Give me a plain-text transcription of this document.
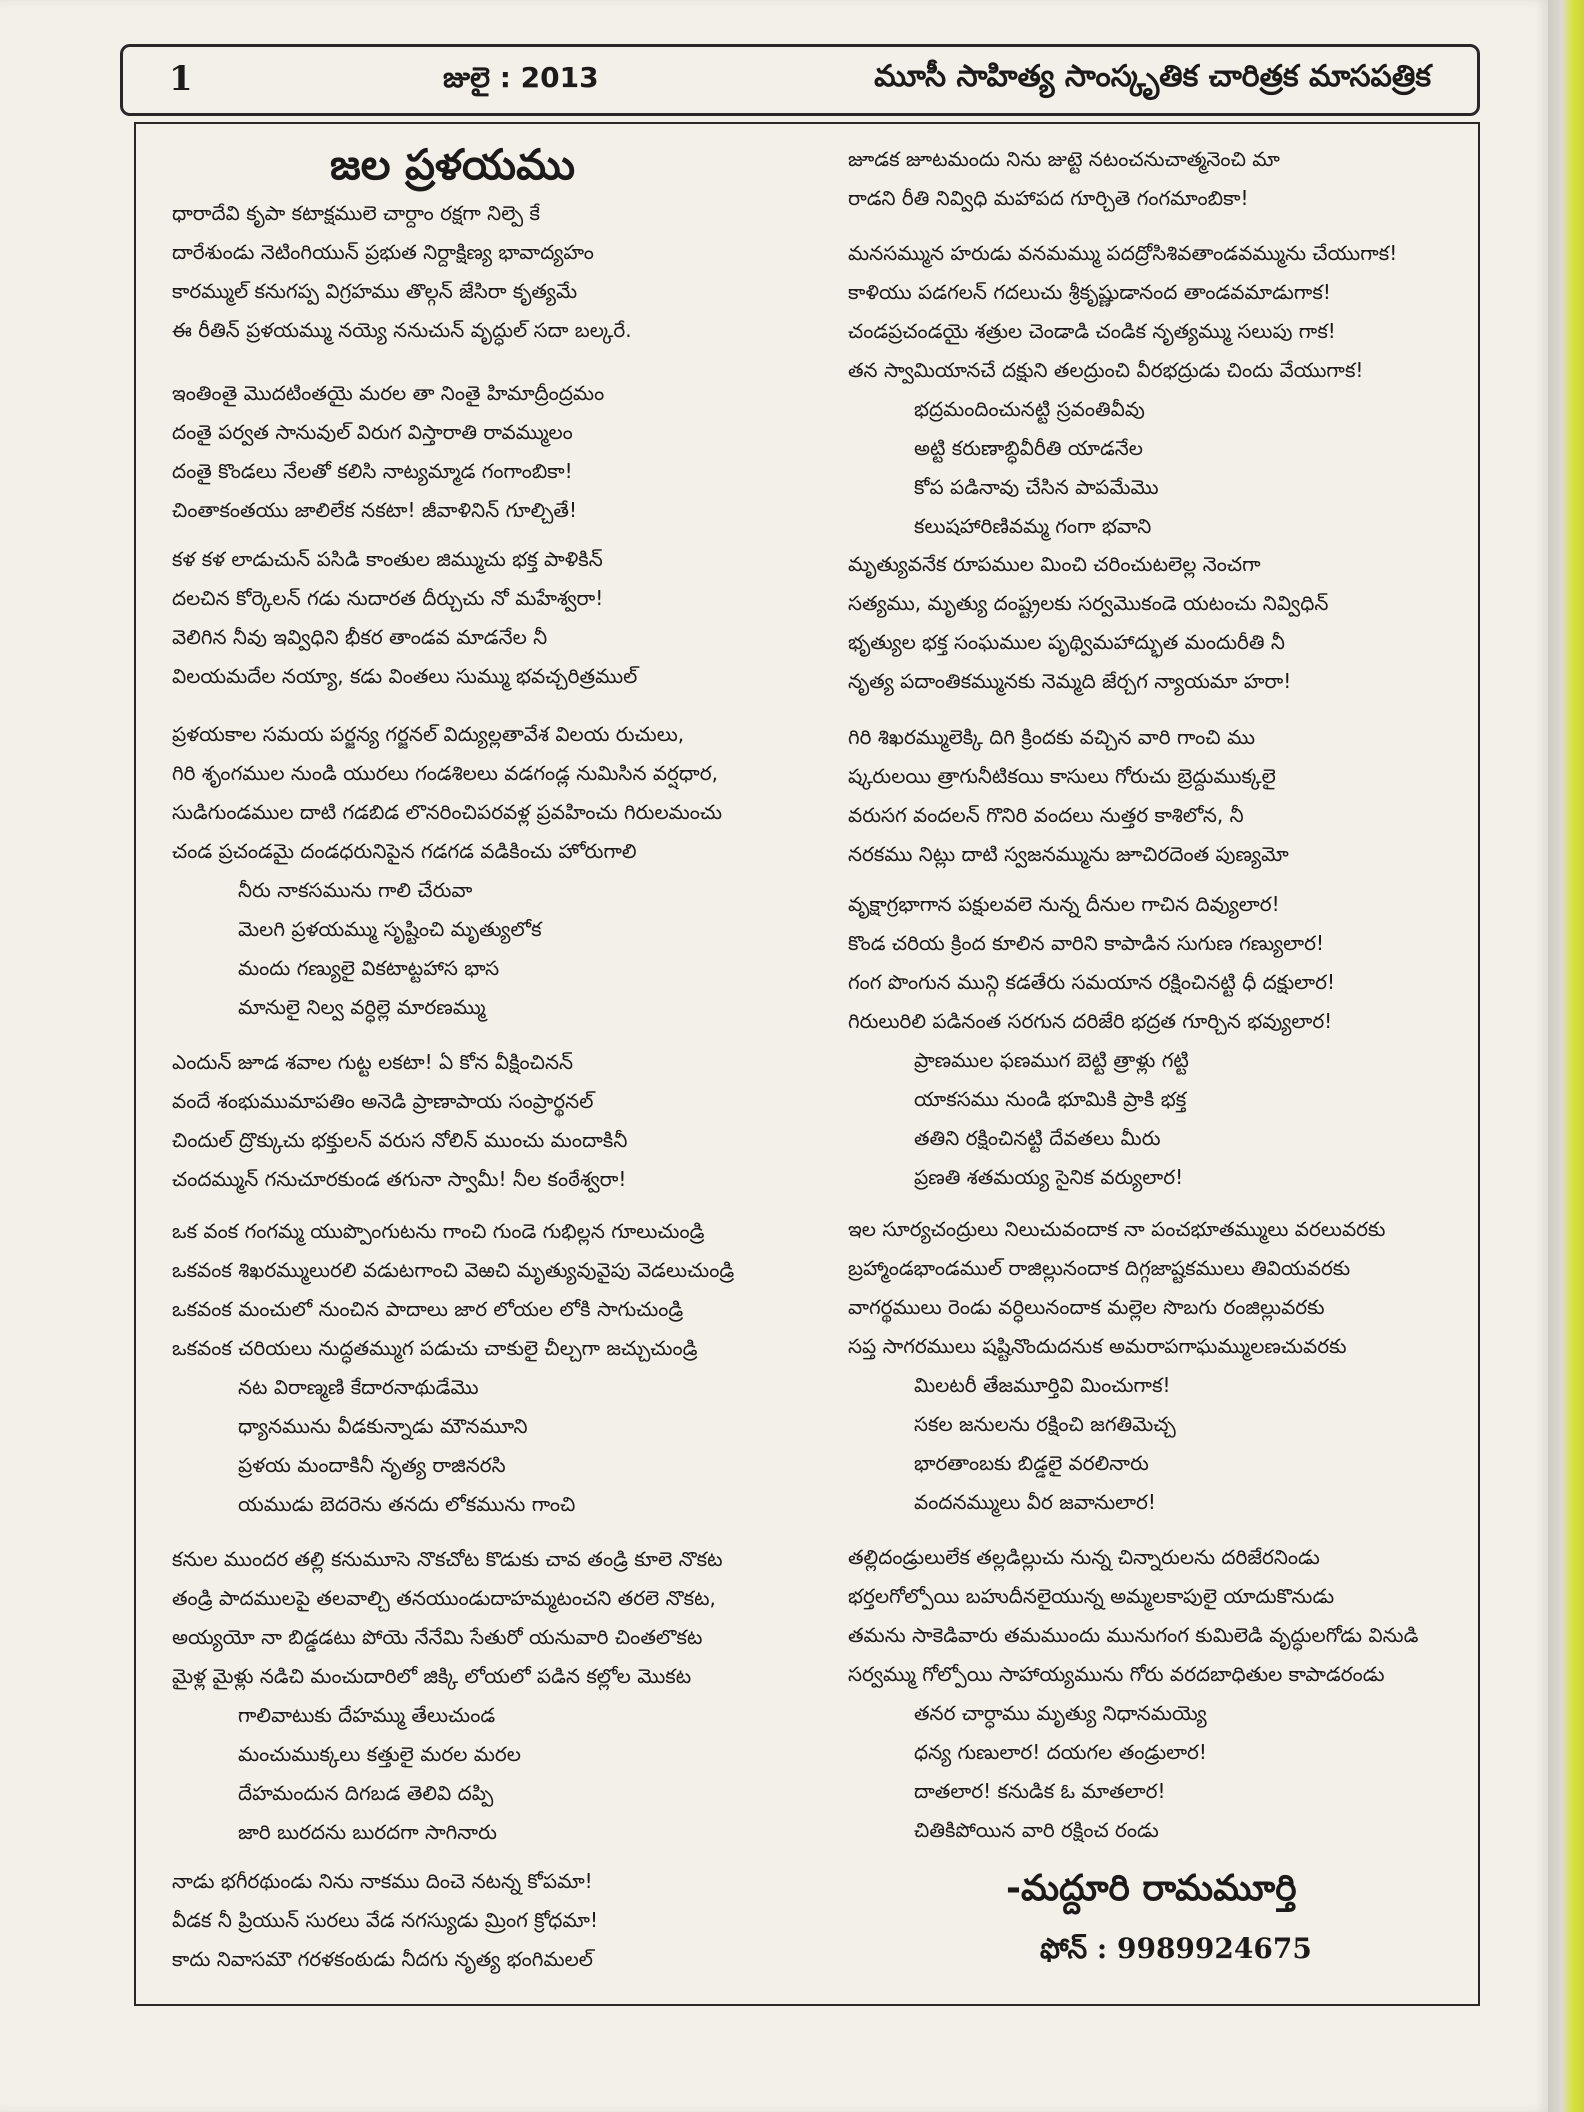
1	జులై : 2013	మూసీ సాహిత్య సాంస్కృతిక చారిత్రక మాసపత్రిక
జల ప్రళయము
ధారాదేవి కృపా కటాక్షములె చార్దాం రక్షగా నిల్పె కే
దారేశుండు నెటింగియున్ ప్రభుత నిర్దాక్షిణ్య భావాద్యహం
కారమ్ముల్ కనుగప్ప విగ్రహము తొల్గన్ జేసిరా కృత్యమే
ఈ రీతిన్ ప్రళయమ్ము నయ్యె ననుచున్ వృద్ధుల్ సదా బల్కరే.
ఇంతింతై మొదటింతయై మరల తా నింతై హిమాద్రీంద్రమం
దంతై పర్వత సానువుల్ విరుగ విస్తారాతి రావమ్ములం
దంతై కొండలు నేలతో కలిసి నాట్యమ్మాడ గంగాంబికా!
చింతాకంతయు జాలిలేక నకటా! జీవాళినిన్ గూల్చితే!
కళ కళ లాడుచున్ పసిడి కాంతుల జిమ్ముచు భక్త పాళికిన్
దలచిన కోర్కెలన్ గడు నుదారత దీర్చుచు నో మహేశ్వరా!
వెలిగిన నీవు ఇవ్విధిని భీకర తాండవ మాడనేల నీ
విలయమదేల నయ్యా, కడు వింతలు సుమ్ము భవచ్చరిత్రముల్
ప్రళయకాల సమయ పర్జన్య గర్జనల్ విద్యుల్లతావేశ విలయ రుచులు,
గిరి శృంగముల నుండి యురలు గండశిలలు వడగండ్ల నుమిసిన వర్షధార,
సుడిగుండముల దాటి గడబిడ లొనరించిపరవళ్ల ప్రవహించు గిరులమంచు
చండ ప్రచండమై దండధరునిపైన గడగడ వడికించు హోరుగాలి
నీరు నాకసమును గాలి చేరువా
మెలగి ప్రళయమ్ము సృష్టించి మృత్యులోక
మందు గణ్యులై వికటాట్టహాస భాస
మానులై నిల్వ వర్ధిల్లె మారణమ్ము
ఎందున్ జూడ శవాల గుట్ట లకటా! ఏ కోన వీక్షించినన్
వందే శంభుముమాపతిం అనెడి ప్రాణాపాయ సంప్రార్థనల్
చిందుల్ ద్రొక్కుచు భక్తులన్ వరుస నోలిన్ ముంచు మందాకినీ
చందమ్మున్ గనుచూరకుండ తగునా స్వామీ! నీల కంఠేశ్వరా!
ఒక వంక గంగమ్మ యుప్పొంగుటను గాంచి గుండె గుభిల్లన గూలుచుండ్రి
ఒకవంక శిఖరమ్ములురలి వడుటగాంచి వెఱచి మృత్యువువైపు వెడలుచుండ్రి
ఒకవంక మంచులో నుంచిన పాదాలు జార లోయల లోకి సాగుచుండ్రి
ఒకవంక చరియలు నుద్ధతమ్ముగ పడుచు చాకులై చీల్చగా జచ్చుచుండ్రి
నట విరాణ్మణి కేదారనాథుడేమొ
ధ్యానమును వీడకున్నాడు మౌనమూని
ప్రళయ మందాకినీ నృత్య రాజినరసి
యముడు బెదరెను తనదు లోకమును గాంచి
కనుల ముందర తల్లి కనుమూసె నొకచోట కొడుకు చావ తండ్రి కూలె నొకట
తండ్రి పాదములపై తలవాల్చి తనయుండుదాహమ్మటంచని తరలె నొకట,
అయ్యయో నా బిడ్డడటు పోయె నేనేమి సేతురో యనువారి చింతలొకట
మైళ్ల మైళ్లు నడిచి మంచుదారిలో జిక్కి లోయలో పడిన కల్లోల మొకట
గాలివాటుకు దేహమ్ము తేలుచుండ
మంచుముక్కలు కత్తులై మరల మరల
దేహమందున దిగబడ తెలివి దప్పి
జారి బురదను బురదగా సాగినారు
నాడు భగీరథుండు నిను నాకము దించె నటన్న కోపమా!
వీడక నీ ప్రియున్ సురలు వేడ నగస్యుడు మ్రింగ క్రోధమా!
కాదు నివాసమౌ గరళకంఠుడు నీదగు నృత్య భంగిమలల్
జూడక జూటమందు నిను జుట్టె నటంచనుచాత్మనెంచి మా
రాడని రీతి నివ్విధి మహాపద గూర్చితె గంగమాంబికా!
మనసమ్మున హరుడు వనమమ్ము పదద్రోసిశివతాండవమ్మును చేయుగాక!
కాళియు పడగలన్ గదలుచు శ్రీకృష్ణుడానంద తాండవమాడుగాక!
చండప్రచండయై శత్రుల చెండాడి చండిక నృత్యమ్ము సలుపు గాక!
తన స్వామియానచే దక్షుని తలద్రుంచి వీరభద్రుడు చిందు వేయుగాక!
భద్రమందించునట్టి స్రవంతివీవు
అట్టి కరుణాబ్ధివీరీతి యాడనేల
కోప పడినావు చేసిన పాపమేమొ
కలుషహారిణివమ్మ గంగా భవాని
మృత్యువనేక రూపముల మించి చరించుటలెల్ల నెంచగా
సత్యము, మృత్యు దంష్ట్రలకు సర్వమొకండె యటంచు నివ్విధిన్
భృత్యుల భక్త సంఘముల పృథ్విమహాద్భుత మందురీతి నీ
నృత్య పదాంతికమ్మునకు నెమ్మది జేర్చగ న్యాయమా హరా!
గిరి శిఖరమ్ములెక్కి దిగి క్రిందకు వచ్చిన వారి గాంచి ము
ష్కరులయి త్రాగునీటికయి కాసులు గోరుచు బ్రెద్దుముక్కలై
వరుసగ వందలన్ గొనిరి వందలు నుత్తర కాశిలోన, నీ
నరకము నిట్లు దాటి స్వజనమ్మును జూచిరదెంత పుణ్యమో
వృక్షాగ్రభాగాన పక్షులవలె నున్న దీనుల గాచిన దివ్యులార!
కొండ చరియ క్రింద కూలిన వారిని కాపాడిన సుగుణ గణ్యులార!
గంగ పొంగున మున్గి కడతేరు సమయాన రక్షించినట్టి ధీ దక్షులార!
గిరులురిలి పడినంత సరగున దరిజేరి భద్రత గూర్చిన భవ్యులార!
ప్రాణముల ఫణముగ బెట్టి త్రాళ్లు గట్టి
యాకసము నుండి భూమికి ప్రాకి భక్త
తతిని రక్షించినట్టి దేవతలు మీరు
ప్రణతి శతమయ్య సైనిక వర్యులార!
ఇల సూర్యచంద్రులు నిలుచువందాక నా పంచభూతమ్ములు వరలువరకు
బ్రహ్మాండభాండముల్ రాజిల్లునందాక దిగ్గజాష్టకములు తివియవరకు
వాగర్థములు రెండు వర్ధిలునందాక మల్లెల సొబగు రంజిల్లువరకు
సప్త సాగరములు షష్టినొందుదనుక అమరాపగాఘమ్ములణచువరకు
మిలటరీ తేజమూర్తివి మించుగాక!
సకల జనులను రక్షించి జగతిమెచ్చ
భారతాంబకు బిడ్డలై వరలినారు
వందనమ్ములు వీర జవానులార!
తల్లిదండ్రులులేక తల్లడిల్లుచు నున్న చిన్నారులను దరిజేరనిండు
భర్తలగోల్పోయి బహుదీనలైయున్న అమ్మలకాపులై యాదుకొనుడు
తమను సాకెడివారు తమముందు మునుగంగ కుమిలెడి వృద్ధులగోడు వినుడి
సర్వమ్ము గోల్పోయి సాహాయ్యమును గోరు వరదబాధితుల కాపాడరండు
తనర చార్ధాము మృత్యు నిధానమయ్యె
ధన్య గుణులార! దయగల తండ్రులార!
దాతలార! కనుడిక ఓ మాతలార!
చితికిపోయిన వారి రక్షించ రండు
-మద్దూరి రామమూర్తి
ఫోన్ : 9989924675
